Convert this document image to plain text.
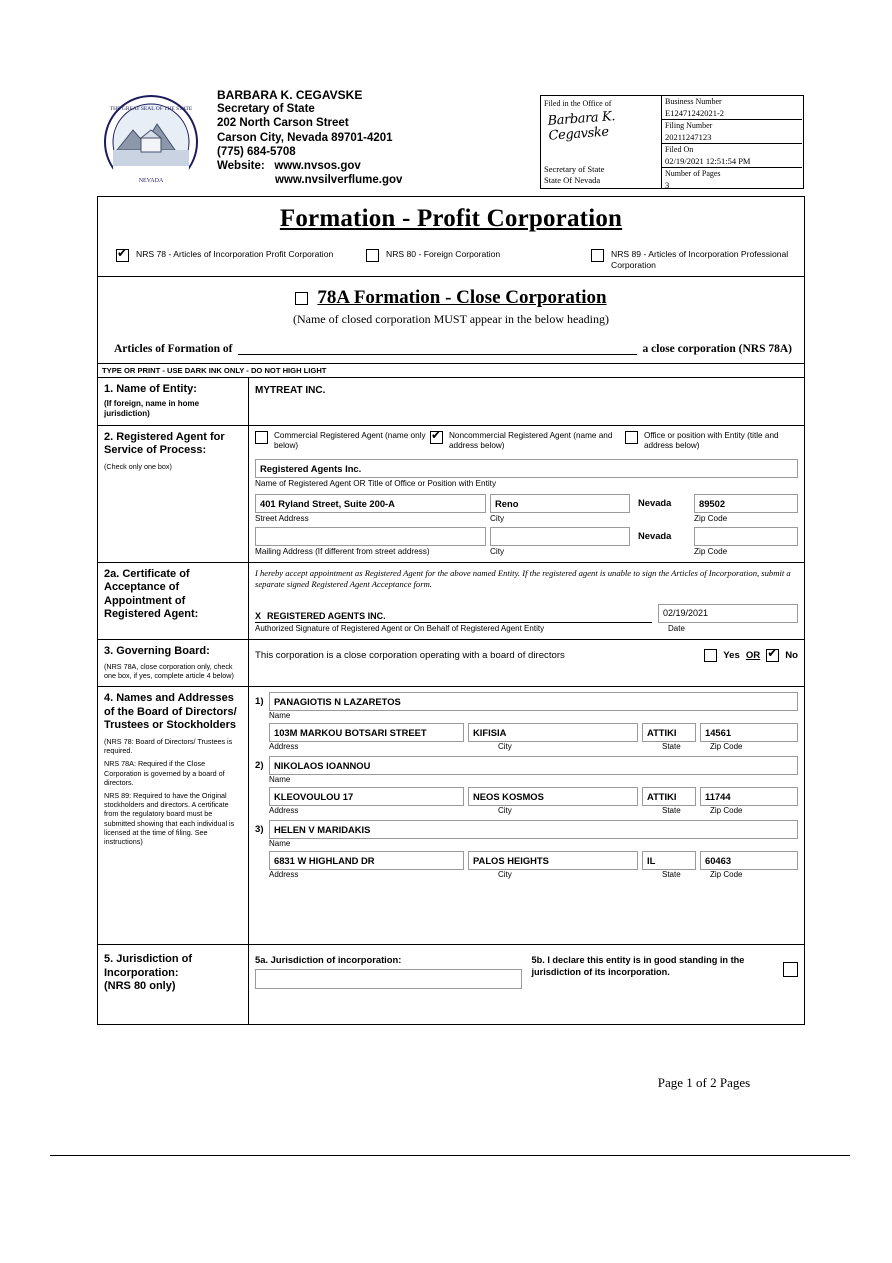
THE GREAT SEAL OF THE STATE
NEVADA
BARBARA K. CEGAVSKE
Secretary of State
202 North Carson Street
Carson City, Nevada 89701-4201
(775) 684-5708
Website: www.nvsos.gov
www.nvsilverflume.gov
Filed in the Office of Barbara K. Cegavske
Secretary of State
State Of Nevada
Business Number
E12471242021-2
Filing Number
20211247123
Filed On
02/19/2021 12:51:54 PM
Number of Pages
3
Formation - Profit Corporation
✔
NRS 78 - Articles of Incorporation Profit Corporation	NRS 80 - Foreign Corporation	NRS 89 - Articles of Incorporation Professional Corporation
78A Formation - Close Corporation
(Name of closed corporation MUST appear in the below heading)
Articles of Formation of	a close corporation (NRS 78A)
TYPE OR PRINT - USE DARK INK ONLY - DO NOT HIGH LIGHT
1. Name of Entity:
(If foreign, name in home jurisdiction)
MYTREAT INC.
2. Registered Agent for Service of Process:
(Check only one box)
Commercial Registered Agent (name only below)
✔
Noncommercial Registered Agent (name and address below)
Office or position with Entity (title and address below)
Registered Agents Inc.
Name of Registered Agent OR Title of Office or Position with Entity
401 Ryland Street, Suite 200-A
Street Address
Reno
City
Nevada	89502
Zip Code
Mailing Address (If different from street address)	City
Nevada
Zip Code
2a. Certificate of Acceptance of Appointment of Registered Agent:
I hereby accept appointment as Registered Agent for the above named Entity. If the registered agent is unable to sign the Articles of Incorporation, submit a separate signed Registered Agent Acceptance form.
X REGISTERED AGENTS INC.	02/19/2021
Authorized Signature of Registered Agent or On Behalf of Registered Agent Entity	Date
3. Governing Board:
(NRS 78A, close corporation only, check one box, if yes, complete article 4 below)
This corporation is a close corporation operating with a board of directors	Yes OR ✔	No
4. Names and Addresses of the Board of Directors/ Trustees or Stockholders
(NRS 78: Board of Directors/ Trustees is required.
NRS 78A: Required if the Close Corporation is governed by a board of directors.
NRS 89: Required to have the Original stockholders and directors. A certificate from the regulatory board must be submitted showing that each individual is licensed at the time of filing. See instructions)
1)	PANAGIOTIS N LAZARETOS
Name
103M MARKOU BOTSARI STREET	KIFISIA	ATTIKI	14561
Address	City	State	Zip Code
2)	NIKOLAOS IOANNOU
Name
KLEOVOULOU 17	NEOS KOSMOS	ATTIKI	11744
Address	City	State	Zip Code
3)	HELEN V MARIDAKIS
Name
6831 W HIGHLAND DR	PALOS HEIGHTS	IL	60463
Address	City	State	Zip Code
5. Jurisdiction of Incorporation:
(NRS 80 only)
5a. Jurisdiction of incorporation:	5b. I declare this entity is in good standing in the jurisdiction of its incorporation.
Page 1 of 2 Pages
